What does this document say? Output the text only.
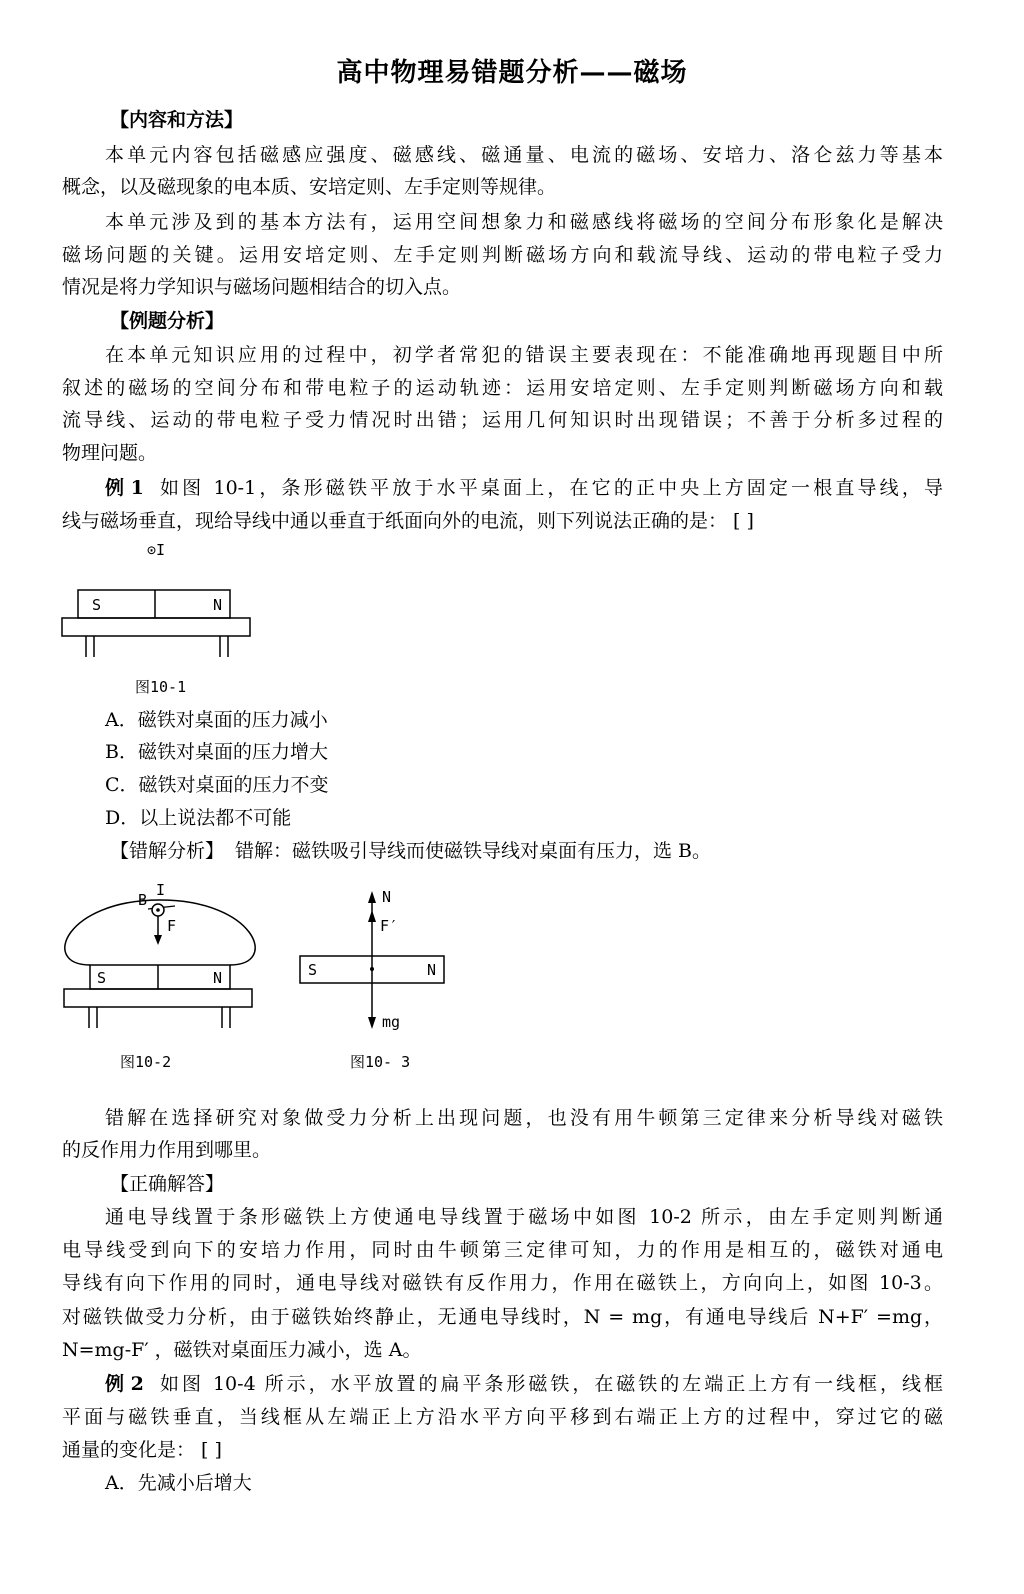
高中物理易错题分析——磁场
【内容和方法】
本单元内容包括磁感应强度、磁感线、磁通量、电流的磁场、安培力、洛仑兹力等基本
概念，以及磁现象的电本质、安培定则、左手定则等规律。
本单元涉及到的基本方法有，运用空间想象力和磁感线将磁场的空间分布形象化是解决
磁场问题的关键。运用安培定则、左手定则判断磁场方向和载流导线、运动的带电粒子受力
情况是将力学知识与磁场问题相结合的切入点。
【例题分析】
在本单元知识应用的过程中，初学者常犯的错误主要表现在：不能准确地再现题目中所
叙述的磁场的空间分布和带电粒子的运动轨迹：运用安培定则、左手定则判断磁场方向和载
流导线、运动的带电粒子受力情况时出错；运用几何知识时出现错误；不善于分析多过程的
物理问题。
例 1 如图 10-1，条形磁铁平放于水平桌面上，在它的正中央上方固定一根直导线，导
线与磁场垂直，现给导线中通以垂直于纸面向外的电流，则下列说法正确的是： [ ]
⊙I
S	N
图10-1
A．磁铁对桌面的压力减小
B．磁铁对桌面的压力增大
C．磁铁对桌面的压力不变
D．以上说法都不可能
【错解分析】 错解：磁铁吸引导线而使磁铁导线对桌面有压力，选 B。
B
I
F
S	N
图10-2
N
F′
S	N
mg
图10- 3
错解在选择研究对象做受力分析上出现问题，也没有用牛顿第三定律来分析导线对磁铁
的反作用力作用到哪里。
【正确解答】
通电导线置于条形磁铁上方使通电导线置于磁场中如图 10-2 所示，由左手定则判断通
电导线受到向下的安培力作用，同时由牛顿第三定律可知，力的作用是相互的，磁铁对通电
导线有向下作用的同时，通电导线对磁铁有反作用力，作用在磁铁上，方向向上，如图 10-3。
对磁铁做受力分析，由于磁铁始终静止，无通电导线时，N = mg，有通电导线后 N+F′ =mg，
N=mg-F′ ，磁铁对桌面压力减小，选 A。
例 2 如图 10-4 所示，水平放置的扁平条形磁铁，在磁铁的左端正上方有一线框，线框
平面与磁铁垂直，当线框从左端正上方沿水平方向平移到右端正上方的过程中，穿过它的磁
通量的变化是： [ ]
A．先减小后增大
